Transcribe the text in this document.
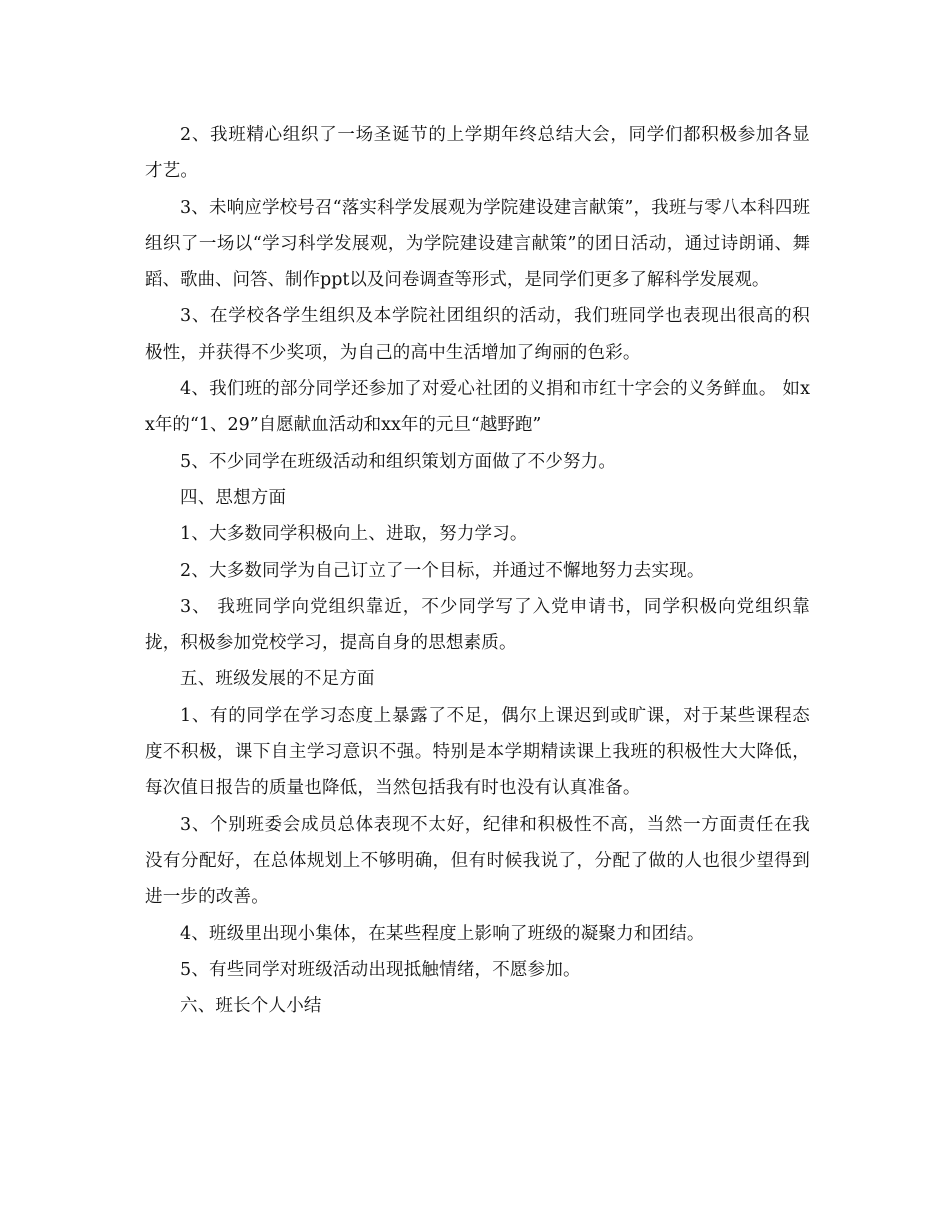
2、我班精心组织了一场圣诞节的上学期年终总结大会，同学们都积极参加各显才艺。

3、未响应学校号召“落实科学发展观为学院建设建言献策”，我班与零八本科四班组织了一场以“学习科学发展观，为学院建设建言献策”的团日活动，通过诗朗诵、舞蹈、歌曲、问答、制作ppt以及问卷调查等形式，是同学们更多了解科学发展观。

3、在学校各学生组织及本学院社团组织的活动，我们班同学也表现出很高的积极性，并获得不少奖项，为自己的高中生活增加了绚丽的色彩。

4、我们班的部分同学还参加了对爱心社团的义捐和市红十字会的义务鲜血。 如xx年的“1、29”自愿献血活动和xx年的元旦“越野跑”

5、不少同学在班级活动和组织策划方面做了不少努力。

四、思想方面

1、大多数同学积极向上、进取，努力学习。

2、大多数同学为自己订立了一个目标，并通过不懈地努力去实现。

3、 我班同学向党组织靠近，不少同学写了入党申请书，同学积极向党组织靠拢，积极参加党校学习，提高自身的思想素质。

五、班级发展的不足方面

1、有的同学在学习态度上暴露了不足，偶尔上课迟到或旷课，对于某些课程态度不积极，课下自主学习意识不强。特别是本学期精读课上我班的积极性大大降低，每次值日报告的质量也降低，当然包括我有时也没有认真准备。

3、个别班委会成员总体表现不太好，纪律和积极性不高，当然一方面责任在我没有分配好，在总体规划上不够明确，但有时候我说了，分配了做的人也很少望得到进一步的改善。

4、班级里出现小集体，在某些程度上影响了班级的凝聚力和团结。

5、有些同学对班级活动出现抵触情绪，不愿参加。

六、班长个人小结
